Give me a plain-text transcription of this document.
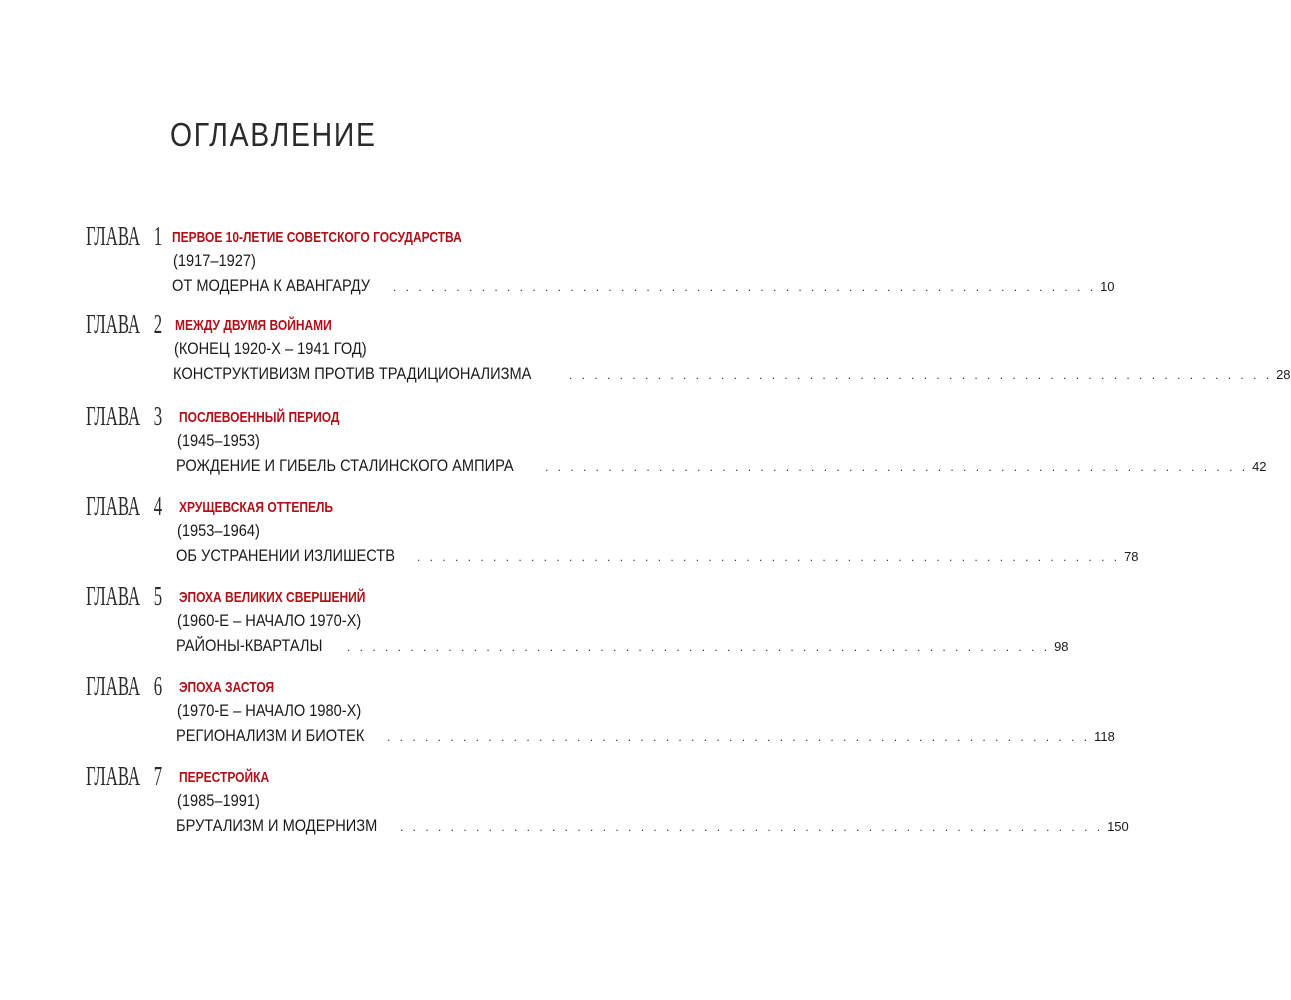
ОГЛАВЛЕНИЕ
ГЛАВА 1 ПЕРВОЕ 10-ЛЕТИЕ СОВЕТСКОГО ГОСУДАРСТВА
(1917–1927)
ОТ МОДЕРНА К АВАНГАРДУ . . . . . . . . . . . . . . . . . . . . . . . . . . . . . . . . . . . . . . . . . . . . . . . . . . . . . . . . 10
ГЛАВА 2 МЕЖДУ ДВУМЯ ВОЙНАМИ
(КОНЕЦ 1920-Х – 1941 ГОД)
КОНСТРУКТИВИЗМ ПРОТИВ ТРАДИЦИОНАЛИЗМА	. . . . . . . . . . . . . . . . . . . . . . . . . . . . . . . . . . . . . . . . . . . . . . . . . . . . . . . . 28
ГЛАВА 3 ПОСЛЕВОЕННЫЙ ПЕРИОД
(1945–1953)
РОЖДЕНИЕ И ГИБЕЛЬ СТАЛИНСКОГО АМПИРА	. . . . . . . . . . . . . . . . . . . . . . . . . . . . . . . . . . . . . . . . . . . . . . . . . . . . . . . . 42
ГЛАВА 4 ХРУЩЕВСКАЯ ОТТЕПЕЛЬ
(1953–1964)
ОБ УСТРАНЕНИИ ИЗЛИШЕСТВ . . . . . . . . . . . . . . . . . . . . . . . . . . . . . . . . . . . . . . . . . . . . . . . . . . . . . . . . 78
ГЛАВА 5 ЭПОХА ВЕЛИКИХ СВЕРШЕНИЙ
(1960-Е – НАЧАЛО 1970-Х)
РАЙОНЫ-КВАРТАЛЫ . . . . . . . . . . . . . . . . . . . . . . . . . . . . . . . . . . . . . . . . . . . . . . . . . . . . . . . . 98
ГЛАВА 6 ЭПОХА ЗАСТОЯ
(1970-Е – НАЧАЛО 1980-Х)
РЕГИОНАЛИЗМ И БИОТЕК . . . . . . . . . . . . . . . . . . . . . . . . . . . . . . . . . . . . . . . . . . . . . . . . . . . . . . . . 118
ГЛАВА 7 ПЕРЕСТРОЙКА
(1985–1991)
БРУТАЛИЗМ И МОДЕРНИЗМ . . . . . . . . . . . . . . . . . . . . . . . . . . . . . . . . . . . . . . . . . . . . . . . . . . . . . . . . 150
